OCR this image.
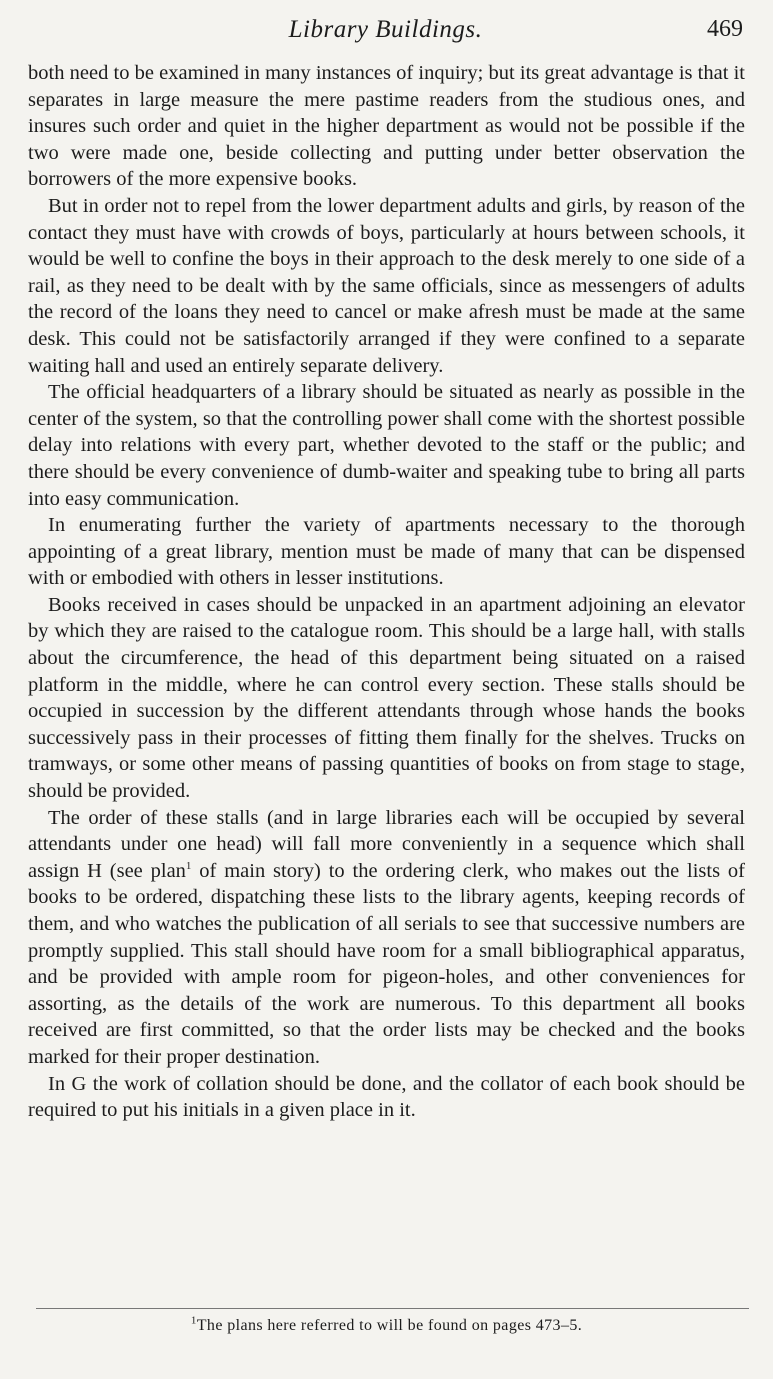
Library Buildings.	469

both need to be examined in many instances of inquiry; but its great advantage is that it separates in large measure the mere pastime readers from the studious ones, and insures such order and quiet in the higher department as would not be possible if the two were made one, beside collecting and putting under better observation the borrowers of the more expensive books.

But in order not to repel from the lower department adults and girls, by reason of the contact they must have with crowds of boys, particularly at hours between schools, it would be well to confine the boys in their approach to the desk merely to one side of a rail, as they need to be dealt with by the same officials, since as messengers of adults the record of the loans they need to cancel or make afresh must be made at the same desk. This could not be satisfactorily arranged if they were confined to a separate waiting hall and used an entirely separate delivery.

The official headquarters of a library should be situated as nearly as possible in the center of the system, so that the controlling power shall come with the shortest possible delay into relations with every part, whether devoted to the staff or the public; and there should be every convenience of dumb-waiter and speaking tube to bring all parts into easy communication.

In enumerating further the variety of apartments necessary to the thorough appointing of a great library, mention must be made of many that can be dispensed with or embodied with others in lesser institutions.

Books received in cases should be unpacked in an apartment adjoining an elevator by which they are raised to the catalogue room. This should be a large hall, with stalls about the circumference, the head of this department being situated on a raised platform in the middle, where he can control every section. These stalls should be occupied in succession by the different attendants through whose hands the books successively pass in their processes of fitting them finally for the shelves. Trucks on tramways, or some other means of passing quantities of books on from stage to stage, should be provided.

The order of these stalls (and in large libraries each will be occupied by several attendants under one head) will fall more conveniently in a sequence which shall assign H (see plan$^1$ of main story) to the ordering clerk, who makes out the lists of books to be ordered, dispatching these lists to the library agents, keeping records of them, and who watches the publication of all serials to see that successive numbers are promptly supplied. This stall should have room for a small bibliographical apparatus, and be provided with ample room for pigeon-holes, and other conveniences for assorting, as the details of the work are numerous. To this department all books received are first committed, so that the order lists may be checked and the books marked for their proper destination.

In G the work of collation should be done, and the collator of each book should be required to put his initials in a given place in it.

$^1$The plans here referred to will be found on pages 473–5.
